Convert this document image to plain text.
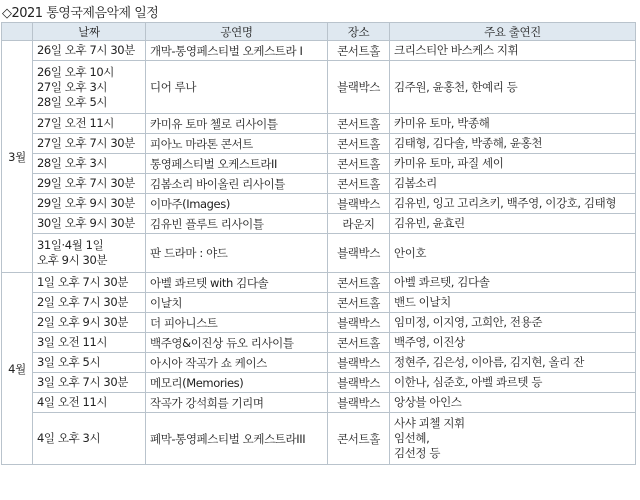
◇2021 통영국제음악제 일정
	날짜	공연명	장소	주요 출연진
3월	26일 오후 7시 30분	개막-통영페스티벌 오케스트라 I	콘서트홀	크리스티안 바스케스 지휘

	26일 오후 10시
27일 오후 3시
28일 오후 5시	디어 루나	블랙박스	김주원, 윤홍천, 한예리 등

	27일 오전 11시	카미유 토마 첼로 리사이틀	콘서트홀	카미유 토마, 박종해

	27일 오후 7시 30분	피아노 마라톤 콘서트	콘서트홀	김태형, 김다솔, 박종해, 윤홍천

	28일 오후 3시	통영페스티벌 오케스트라II	콘서트홀	카미유 토마, 파질 세이

	29일 오후 7시 30분	김봄소리 바이올린 리사이틀	콘서트홀	김봄소리

	29일 오후 9시 30분	이마주(Images)	블랙박스	김유빈, 잉고 고리츠키, 백주영, 이강호, 김태형

	30일 오후 9시 30분	김유빈 플루트 리사이틀	라운지	김유빈, 윤효린

	31일·4월 1일
오후 9시 30분	판 드라마 : 야드	블랙박스	안이호

4월	1일 오후 7시 30분	아벨 콰르텟 with 김다솔	콘서트홀	아벨 콰르텟, 김다솔

	2일 오후 7시 30분	이날치	콘서트홀	밴드 이날치

	2일 오후 9시 30분	더 피아니스트	블랙박스	임미정, 이지영, 고희안, 전용준

	3일 오전 11시	백주영&이진상 듀오 리사이틀	콘서트홀	백주영, 이진상

	3일 오후 5시	아시아 작곡가 쇼 케이스	블랙박스	정현주, 김은성, 이아름, 김지현, 올리 잔

	3일 오후 7시 30분	메모리(Memories)	블랙박스	이한나, 심준호, 아벨 콰르텟 등

	4일 오전 11시	작곡가 강석희를 기리며	블랙박스	앙상블 아인스

	4일 오후 3시	폐막-통영페스티벌 오케스트라III	콘서트홀	사샤 괴첼 지휘
임선혜,
김선정 등
